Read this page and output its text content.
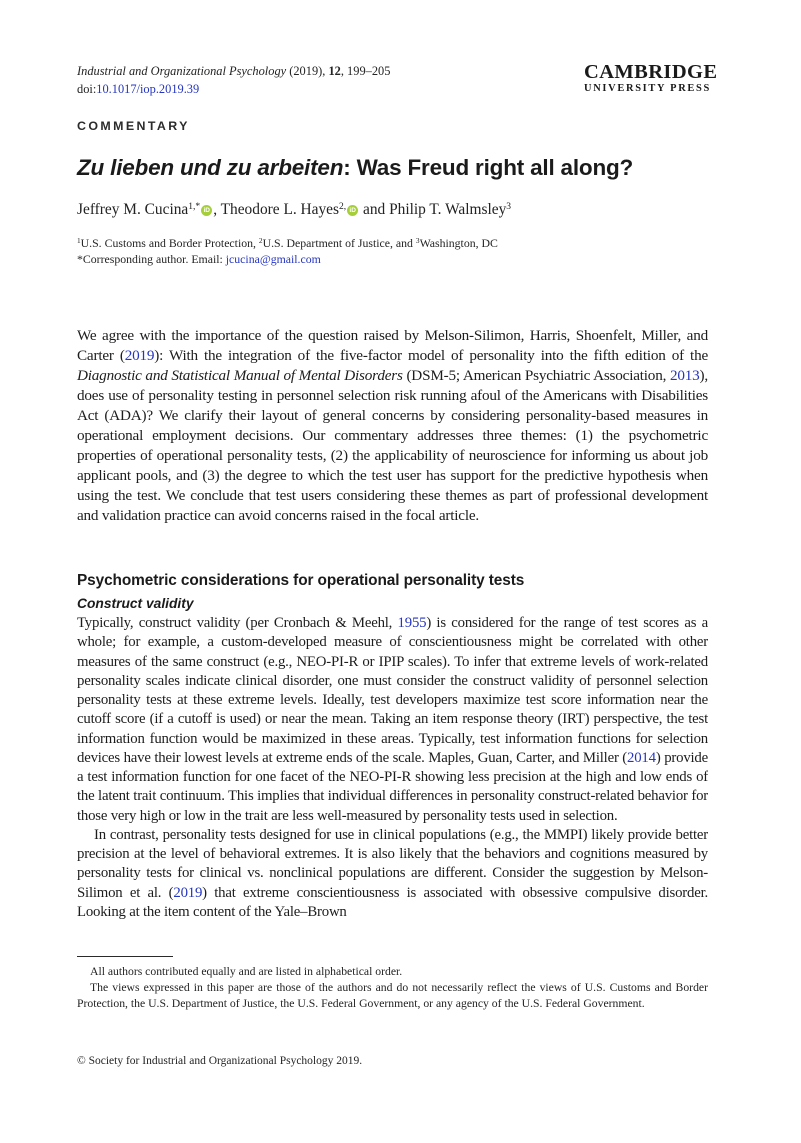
Industrial and Organizational Psychology (2019), 12, 199–205
doi:10.1017/iop.2019.39
CAMBRIDGE
UNIVERSITY PRESS
COMMENTARY
Zu lieben und zu arbeiten: Was Freud right all along?
Jeffrey M. Cucina$^{1,*}$ iD , Theodore L. Hayes$^{2,}$ iD and Philip T. Walmsley$^3$
$^1$U.S. Customs and Border Protection, $^2$U.S. Department of Justice, and $^3$Washington, DC
*Corresponding author. Email: jcucina@gmail.com
We agree with the importance of the question raised by Melson-Silimon, Harris, Shoenfelt, Miller, and Carter (2019): With the integration of the five-factor model of personality into the fifth edition of the Diagnostic and Statistical Manual of Mental Disorders (DSM-5; American Psychiatric Association, 2013), does use of personality testing in personnel selection risk running afoul of the Americans with Disabilities Act (ADA)? We clarify their layout of general concerns by considering personality-based measures in operational employment decisions. Our commentary addresses three themes: (1) the psychometric properties of operational personality tests, (2) the applicability of neuroscience for informing us about job applicant pools, and (3) the degree to which the test user has support for the predictive hypothesis when using the test. We conclude that test users considering these themes as part of professional development and validation practice can avoid concerns raised in the focal article.
Psychometric considerations for operational personality tests
Construct validity

Typically, construct validity (per Cronbach & Meehl, 1955) is considered for the range of test scores as a whole; for example, a custom-developed measure of conscientiousness might be correlated with other measures of the same construct (e.g., NEO-PI-R or IPIP scales). To infer that extreme levels of work-related personality scales indicate clinical disorder, one must consider the construct validity of personnel selection personality tests at these extreme levels. Ideally, test developers maximize test score information near the cutoff score (if a cutoff is used) or near the mean. Taking an item response theory (IRT) perspective, the test information function would be maximized in these areas. Typically, test information functions for selection devices have their lowest levels at extreme ends of the scale. Maples, Guan, Carter, and Miller (2014) provide a test information function for one facet of the NEO-PI-R showing less precision at the high and low ends of the latent trait continuum. This implies that individual differences in personality construct-related behavior for those very high or low in the trait are less well-measured by personality tests used in selection.

In contrast, personality tests designed for use in clinical populations (e.g., the MMPI) likely provide better precision at the level of behavioral extremes. It is also likely that the behaviors and cognitions measured by personality tests for clinical vs. nonclinical populations are different. Consider the suggestion by Melson-Silimon et al. (2019) that extreme conscientiousness is associated with obsessive compulsive disorder. Looking at the item content of the Yale–Brown

All authors contributed equally and are listed in alphabetical order.

The views expressed in this paper are those of the authors and do not necessarily reflect the views of U.S. Customs and Border Protection, the U.S. Department of Justice, the U.S. Federal Government, or any agency of the U.S. Federal Government.

© Society for Industrial and Organizational Psychology 2019.
